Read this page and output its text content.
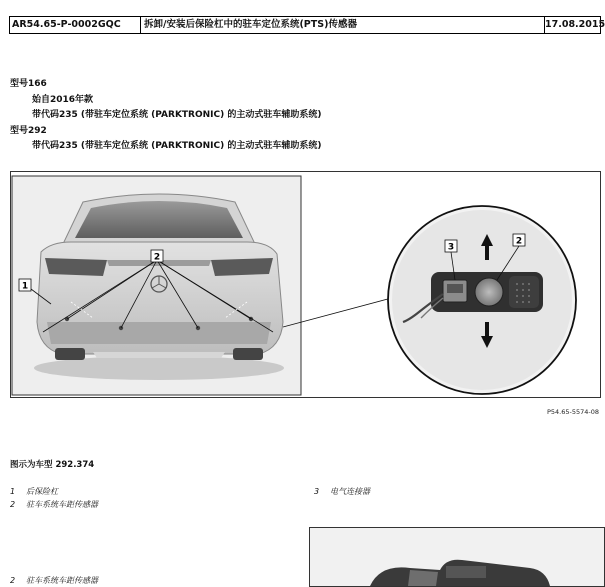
AR54.65-P-0002GQC	拆卸/安装后保险杠中的驻车定位系统(PTS)传感器	17.08.2015
型号166
始自2016年款
带代码235 (带驻车定位系统 (PARKTRONIC) 的主动式驻车辅助系统)
型号292
带代码235 (带驻车定位系统 (PARKTRONIC) 的主动式驻车辅助系统)
1
2
3
2
P54.65-5574-08
图示为车型 292.374
1 后保险杠
2 驻车系统车距传感器
3 电气连接器
2 驻车系统车距传感器
